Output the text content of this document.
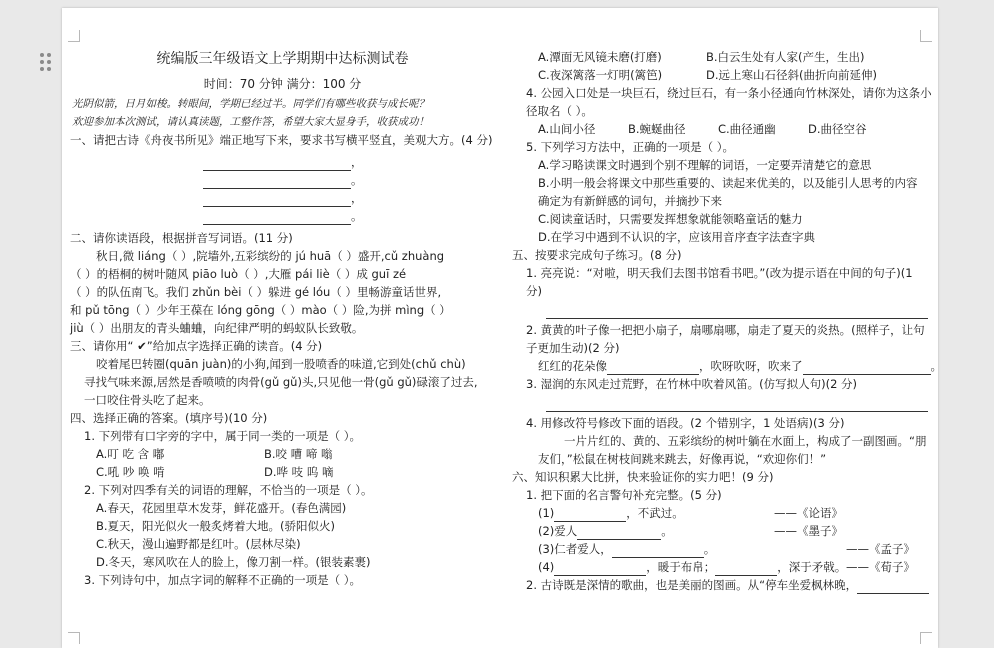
统编版三年级语文上学期期中达标测试卷
时间：70 分钟 满分：100 分
光阴似箭，日月如梭。转眼间，学期已经过半。同学们有哪些收获与成长呢？
欢迎参加本次测试，请认真读题，工整作答，希望大家大显身手，收获成功！
一、请把古诗《舟夜书所见》端正地写下来，要求书写横平竖直，美观大方。(4 分)
，
。
，
。
二、请你读语段，根据拼音写词语。(11 分)
秋日,微 liáng（ ）,院墙外,五彩缤纷的 jú huā（ ）盛开,cǔ zhuàng
（ ）的梧桐的树叶随风 piāo luò（ ）,大雁 pái liè（ ）成 guī zé
（ ）的队伍南飞。我们 zhǔn bèi（ ）躲进 gé lóu（ ）里畅游童话世界,
和 pǔ tōng（ ）少年王葆在 lóng gōng（ ）mào（ ）险,为拼 mìng（ ）
jiù（ ）出朋友的青头蛐蛐，向纪律严明的蚂蚁队长致敬。
三、请你用“ ✔”给加点字选择正确的读音。(4 分)
咬着尾巴转圈(quān juàn)的小狗,闻到一股喷香的味道,它到处(chǔ chù)
寻找气味来源,居然是香喷喷的肉骨(gǔ gǔ)头,只见他一骨(gǔ gǔ)碌滚了过去,
一口咬住骨头吃了起来。
四、选择正确的答案。(填序号)(10 分)
1. 下列带有口字旁的字中，属于同一类的一项是（ ）。
A.叮 吃 含 嘟	B.咬 嘈 啼 嗡
C.吼 吵 唤 啃	D.哗 吱 呜 嘀
2. 下列对四季有关的词语的理解，不恰当的一项是（ ）。
A.春天，花园里草木发芽，鲜花盛开。(春色满园)
B.夏天，阳光似火一般炙烤着大地。(骄阳似火)
C.秋天，漫山遍野都是红叶。(层林尽染)
D.冬天，寒风吹在人的脸上，像刀割一样。(银装素裹)
3. 下列诗句中，加点字词的解释不正确的一项是（ ）。
A.潭面无风镜未磨(打磨)	B.白云生处有人家(产生，生出)
C.夜深篱落一灯明(篱笆)	D.远上寒山石径斜(曲折向前延伸)
4. 公园入口处是一块巨石，绕过巨石，有一条小径通向竹林深处，请你为这条小
径取名（ ）。
A.山间小径	B.蜿蜒曲径	C.曲径通幽	D.曲径空谷
5. 下列学习方法中，正确的一项是（ ）。
A.学习略读课文时遇到个别不理解的词语，一定要弄清楚它的意思
B.小明一般会将课文中那些重要的、读起来优美的，以及能引人思考的内容
确定为有新鲜感的词句，并摘抄下来
C.阅读童话时，只需要发挥想象就能领略童话的魅力
D.在学习中遇到不认识的字，应该用音序查字法查字典
五、按要求完成句子练习。(8 分)
1. 亮亮说：“对啦，明天我们去图书馆看书吧。”(改为提示语在中间的句子)(1
分)
2. 黄黄的叶子像一把把小扇子，扇哪扇哪，扇走了夏天的炎热。(照样子，让句
子更加生动)(2 分)
红红的花朵像	，吹呀吹呀，吹来了	。
3. 湿润的东风走过荒野，在竹林中吹着风笛。(仿写拟人句)(2 分)
4. 用修改符号修改下面的语段。(2 个错别字，1 处语病)(3 分)
一片片红的、黄的、五彩缤纷的树叶躺在水面上，构成了一副图画。“朋
友们，”松鼠在树枝间跳来跳去，好像再说，“欢迎你们！”
六、知识积累大比拼，快来验证你的实力吧！(9 分)
1. 把下面的名言警句补充完整。(5 分)
(1)	，不武过。	——《论语》
(2)爱人	。	——《墨子》
(3)仁者爱人，	。	——《孟子》
(4)	，暖于布帛；	，深于矛戟。 ——《荀子》
2. 古诗既是深情的歌曲，也是美丽的图画。从“停车坐爱枫林晚，
